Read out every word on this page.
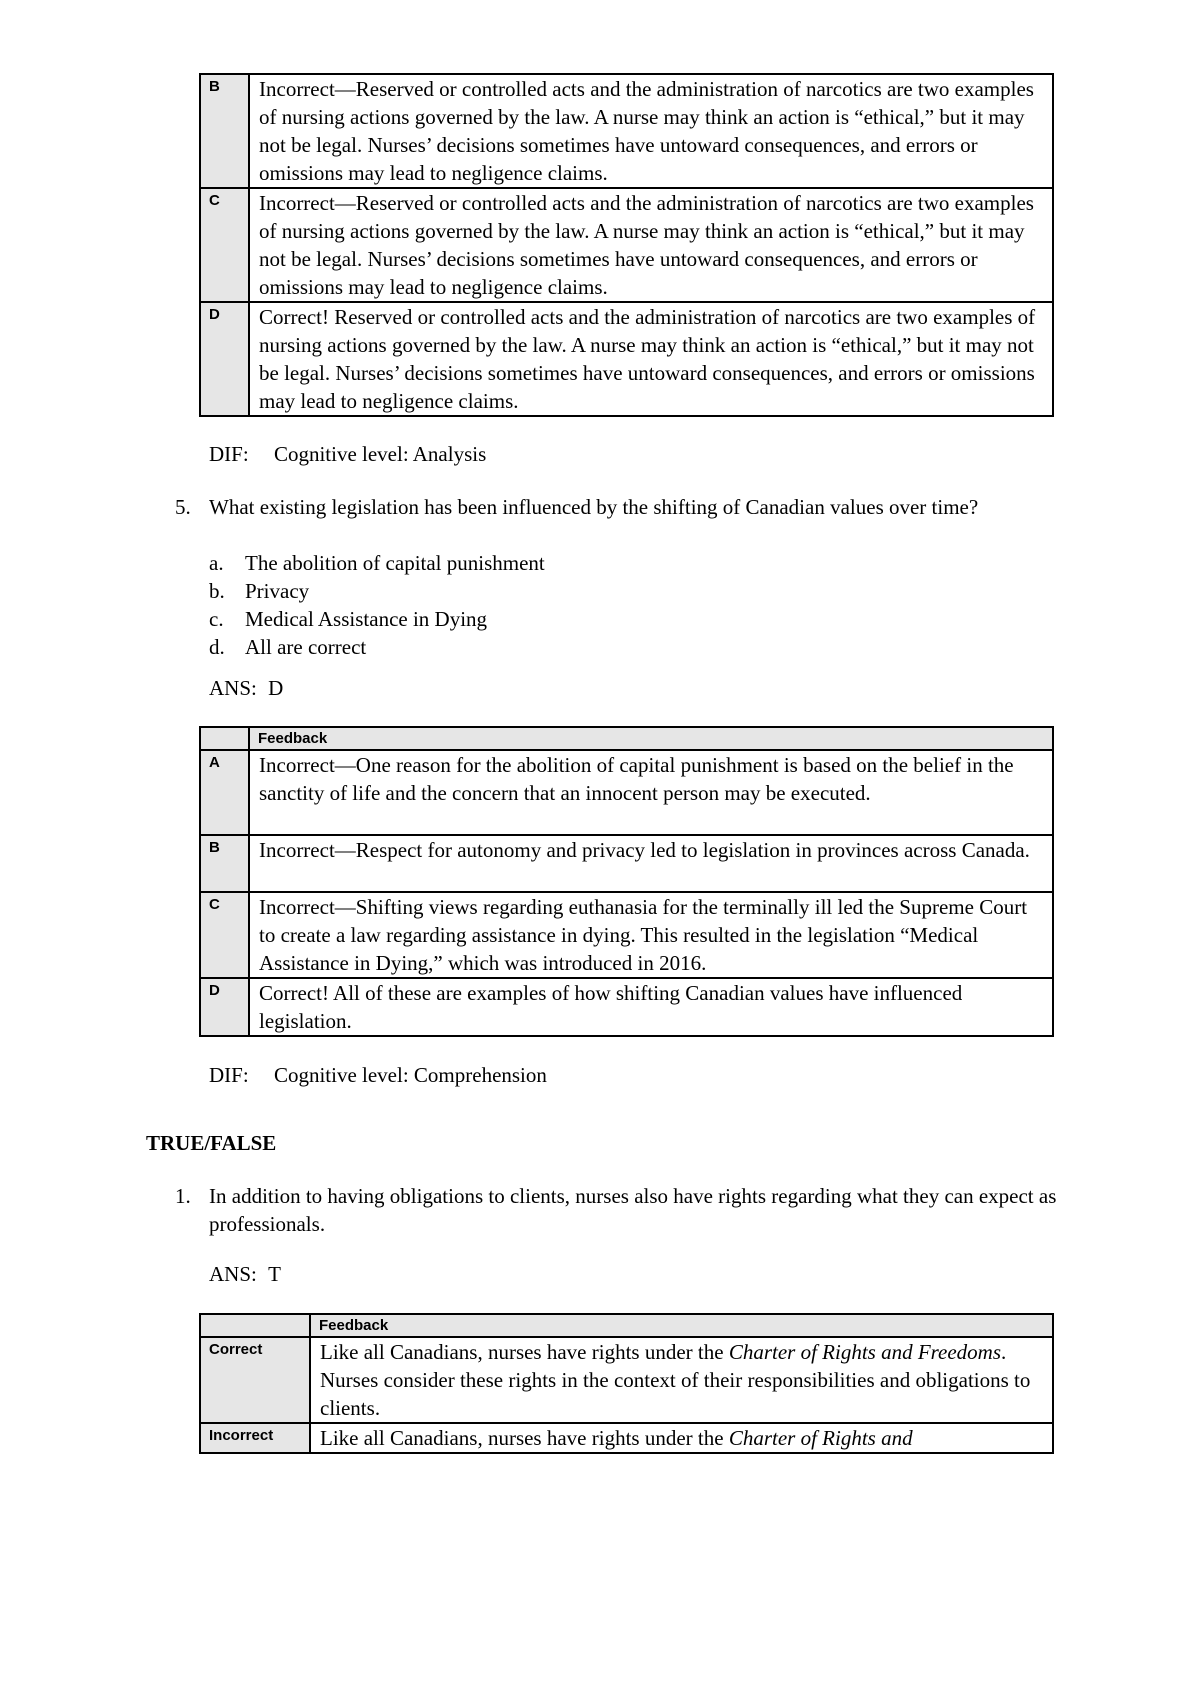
B	Incorrect—Reserved or controlled acts and the administration of narcotics are two examples of nursing actions governed by the law. A nurse may think an action is “ethical,” but it may not be legal. Nurses’ decisions sometimes have untoward consequences, and errors or omissions may lead to negligence claims.
C	Incorrect—Reserved or controlled acts and the administration of narcotics are two examples of nursing actions governed by the law. A nurse may think an action is “ethical,” but it may not be legal. Nurses’ decisions sometimes have untoward consequences, and errors or omissions may lead to negligence claims.
D	Correct! Reserved or controlled acts and the administration of narcotics are two examples of nursing actions governed by the law. A nurse may think an action is “ethical,” but it may not be legal. Nurses’ decisions sometimes have untoward consequences, and errors or omissions may lead to negligence claims.
DIF: Cognitive level: Analysis
5. What existing legislation has been influenced by the shifting of Canadian values over time?
a. The abolition of capital punishment
b. Privacy
c. Medical Assistance in Dying
d. All are correct
ANS: D
	Feedback
A	Incorrect—One reason for the abolition of capital punishment is based on the belief in the sanctity of life and the concern that an innocent person may be executed.
B	Incorrect—Respect for autonomy and privacy led to legislation in provinces across Canada.
C	Incorrect—Shifting views regarding euthanasia for the terminally ill led the Supreme Court to create a law regarding assistance in dying. This resulted in the legislation “Medical Assistance in Dying,” which was introduced in 2016.
D	Correct! All of these are examples of how shifting Canadian values have influenced legislation.
DIF: Cognitive level: Comprehension
TRUE/FALSE
1. In addition to having obligations to clients, nurses also have rights regarding what they can expect as professionals.
ANS: T
	Feedback
Correct	Like all Canadians, nurses have rights under the Charter of Rights and Freedoms. Nurses consider these rights in the context of their responsibilities and obligations to clients.
Incorrect	Like all Canadians, nurses have rights under the Charter of Rights and
